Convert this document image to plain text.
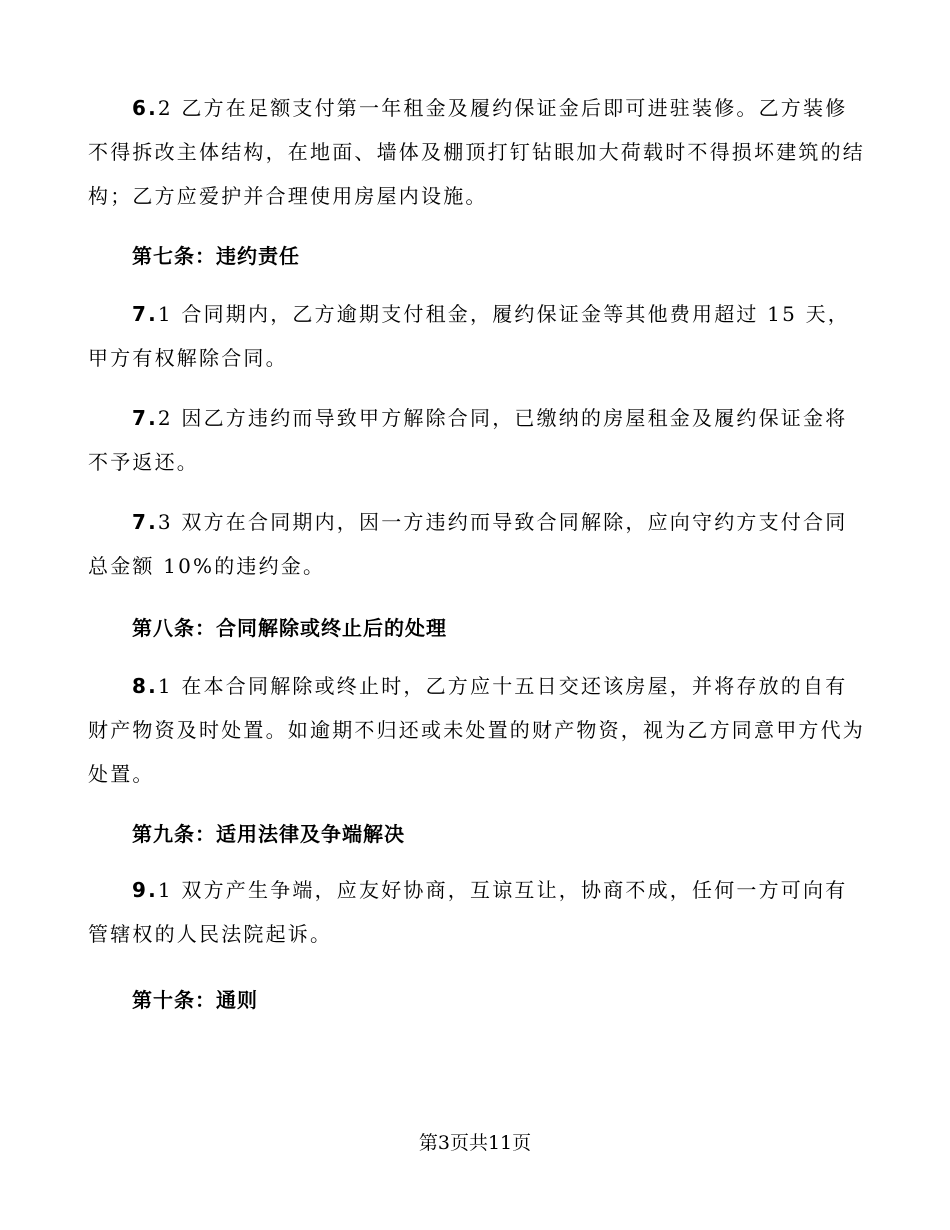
6.2 乙方在足额支付第一年租金及履约保证金后即可进驻装修。乙方装修不得拆改主体结构，在地面、墙体及棚顶打钉钻眼加大荷载时不得损坏建筑的结构；乙方应爱护并合理使用房屋内设施。

第七条：违约责任

7.1 合同期内，乙方逾期支付租金，履约保证金等其他费用超过 15 天，甲方有权解除合同。

7.2 因乙方违约而导致甲方解除合同，已缴纳的房屋租金及履约保证金将不予返还。

7.3 双方在合同期内，因一方违约而导致合同解除，应向守约方支付合同总金额 10%的违约金。

第八条：合同解除或终止后的处理

8.1 在本合同解除或终止时，乙方应十五日交还该房屋，并将存放的自有财产物资及时处置。如逾期不归还或未处置的财产物资，视为乙方同意甲方代为处置。

第九条：适用法律及争端解决

9.1 双方产生争端，应友好协商，互谅互让，协商不成，任何一方可向有管辖权的人民法院起诉。

第十条：通则

第3页共11页
